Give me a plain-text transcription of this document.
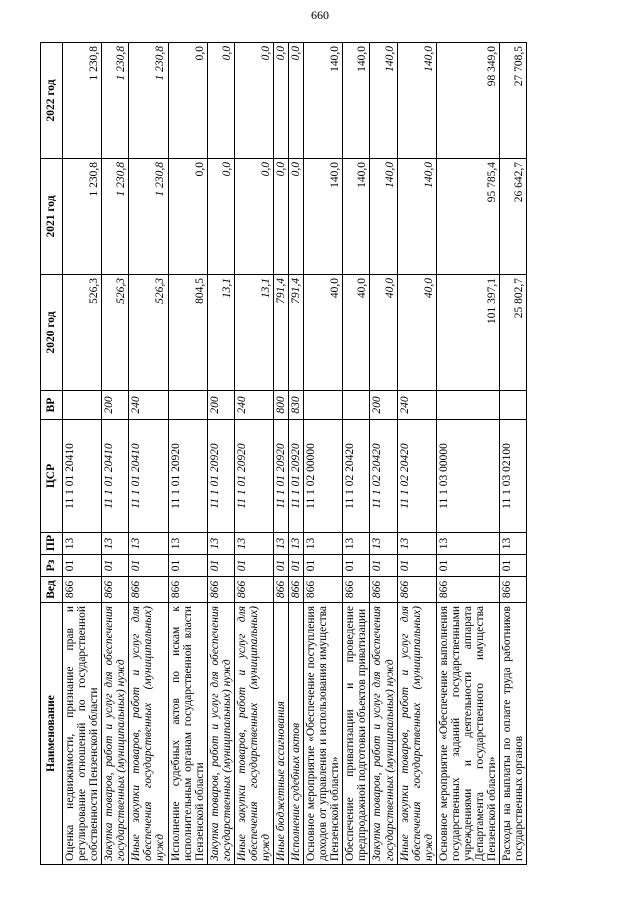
660
Наименование	Вед	Рз	ПР	ЦСР	ВР	2020 год	2021 год	2022 год
Оценка недвижимости, признание прав и регулирование отношений по государственной собственности Пензенской области	866	01	13	11 1 01 20410		526,3	1 230,8	1 230,8
Закупка товаров, работ и услуг для обеспечения государственных (муниципальных) нужд	866	01	13	11 1 01 20410	200	526,3	1 230,8	1 230,8
Иные закупки товаров, работ и услуг для обеспечения государственных (муниципальных) нужд	866	01	13	11 1 01 20410	240	526,3	1 230,8	1 230,8
Исполнение судебных актов по искам к исполнительным органам государственной власти Пензенской области	866	01	13	11 1 01 20920		804,5	0,0	0,0
Закупка товаров, работ и услуг для обеспечения государственных (муниципальных) нужд	866	01	13	11 1 01 20920	200	13,1	0,0	0,0
Иные закупки товаров, работ и услуг для обеспечения государственных (муниципальных) нужд	866	01	13	11 1 01 20920	240	13,1	0,0	0,0
Иные бюджетные ассигнования	866	01	13	11 1 01 20920	800	791,4	0,0	0,0
Исполнение судебных актов	866	01	13	11 1 01 20920	830	791,4	0,0	0,0
Основное мероприятие «Обеспечение поступления доходов от управления и использования имущества Пензенской области»	866	01	13	11 1 02 00000		40,0	140,0	140,0
Обеспечение приватизации и проведение предпродажной подготовки объектов приватизации	866	01	13	11 1 02 20420		40,0	140,0	140,0
Закупка товаров, работ и услуг для обеспечения государственных (муниципальных) нужд	866	01	13	11 1 02 20420	200	40,0	140,0	140,0
Иные закупки товаров, работ и услуг для обеспечения государственных (муниципальных) нужд	866	01	13	11 1 02 20420	240	40,0	140,0	140,0
Основное мероприятие «Обеспечение выполнения государственных заданий государственными учреждениями и деятельности аппарата Департамента государственного имущества Пензенской области»	866	01	13	11 1 03 00000		101 397,1	95 785,4	98 349,0
Расходы на выплаты по оплате труда работников государственных органов	866	01	13	11 1 03 02100		25 802,7	26 642,7	27 708,5
